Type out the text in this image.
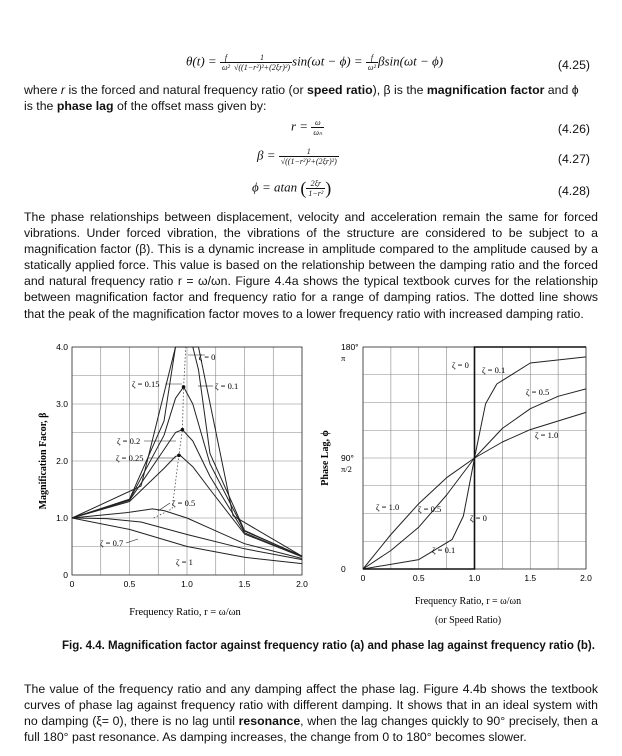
$\theta(t) = \frac{f}{\text{ω²}} \frac{1}{\text{√((1−r²)²+(2ξr)²)}} \sin(\omega t - \phi) = \frac{f}{\text{ω²}} \beta\sin(\omega t - \phi)$	(4.25)
where r is the forced and natural frequency ratio (or speed ratio), β is the magnification factor and ϕ
is the phase lag of the offset mass given by:
$r = \frac{\omega}{\text{ωₙ}}$	(4.26)
$\beta = \frac{1}{\text{√((1−r²)²+(2ξr)²)}}$	(4.27)
ϕ = atan ( $\frac{2\xi r}{\text{1−r²}}$ )	(4.28)

The phase relationships between displacement, velocity and acceleration remain the same for forced vibrations. Under forced vibration, the vibrations of the structure are considered to be subject to a magnification factor (β). This is a dynamic increase in amplitude compared to the amplitude caused by a statically applied force. This value is based on the relationship between the damping ratio and the forced and natural frequency ratio r = ω/ωn. Figure 4.4a shows the typical textbook curves for the relationship between magnification factor and frequency ratio for a range of damping ratios. The dotted line shows that the peak of the magnification factor moves to a lower frequency ratio with increased damping ratio.

0	0.5	1.0	1.5	2.0
0
1.0
2.0
3.0
4.0
ζ = 0
ζ = 0.15	ζ = 0.1
ζ = 0.2
ζ = 0.25
ζ = 0.5
ζ = 0.7
ζ = 1
Magnification Facor, β
Frequency Ratio, r = ω/ωn
0	0.5	1.0	1.5	2.0
0
90°
π/2
180°
π
ζ = 0 ζ = 0.1
ζ = 0.5
ζ = 1.0
ζ = 0.5
ζ = 0
ζ = 0.1
ζ = 1.0
Phase Lag, ϕ
Frequency Ratio, r = ω/ωn
(or Speed Ratio)
Fig. 4.4. Magnification factor against frequency ratio (a) and phase lag against frequency ratio (b).

The value of the frequency ratio and any damping affect the phase lag. Figure 4.4b shows the textbook curves of phase lag against frequency ratio with different damping. It shows that in an ideal system with no damping (ξ= 0), there is no lag until resonance, when the lag changes quickly to 90° precisely, then a full 180° past resonance. As damping increases, the change from 0 to 180° becomes slower.
